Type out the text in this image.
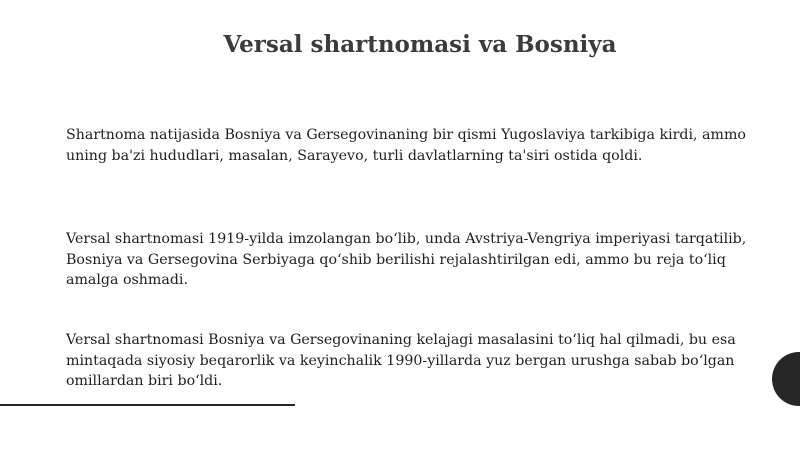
Versal shartnomasi va Bosniya

Shartnoma natijasida Bosniya va Gersegovinaning bir qismi Yugoslaviya tarkibiga kirdi, ammo uning ba'zi hududlari, masalan, Sarayevo, turli davlatlarning ta'siri ostida qoldi.

Versal shartnomasi 1919-yilda imzolangan bo‘lib, unda Avstriya-Vengriya imperiyasi tarqatilib, Bosniya va Gersegovina Serbiyaga qo‘shib berilishi rejalashtirilgan edi, ammo bu reja to‘liq amalga oshmadi.

Versal shartnomasi Bosniya va Gersegovinaning kelajagi masalasini to‘liq hal qilmadi, bu esa mintaqada siyosiy beqarorlik va keyinchalik 1990-yillarda yuz bergan urushga sabab bo‘lgan omillardan biri bo‘ldi.
